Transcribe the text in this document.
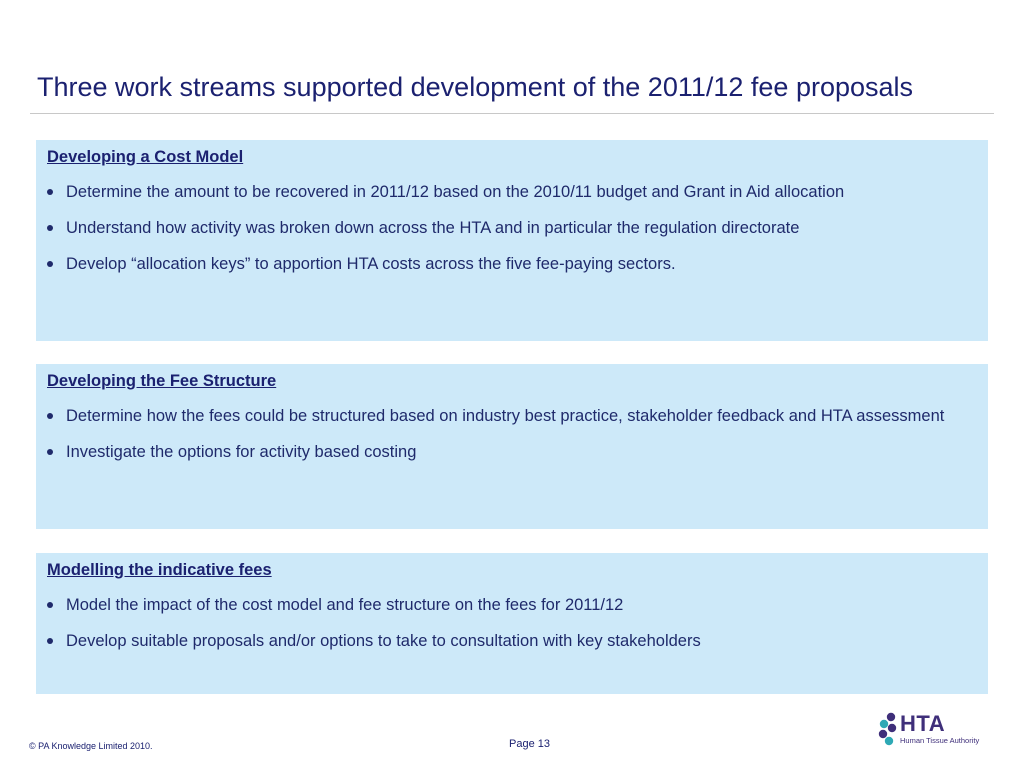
Three work streams supported development of the 2011/12 fee proposals
Developing a Cost Model
Determine the amount to be recovered in 2011/12 based on the 2010/11 budget and Grant in Aid allocation
Understand how activity was broken down across the HTA and in particular the regulation directorate
Develop “allocation keys” to apportion HTA costs across the five fee-paying sectors.
Developing the Fee Structure
Determine how the fees could be structured based on industry best practice, stakeholder feedback and HTA assessment
Investigate the options for activity based costing
Modelling the indicative fees
Model the impact of the cost model and fee structure on the fees for 2011/12
Develop suitable proposals and/or options to take to consultation with key stakeholders
© PA Knowledge Limited 2010.	Page 13
HTA
Human Tissue Authority
